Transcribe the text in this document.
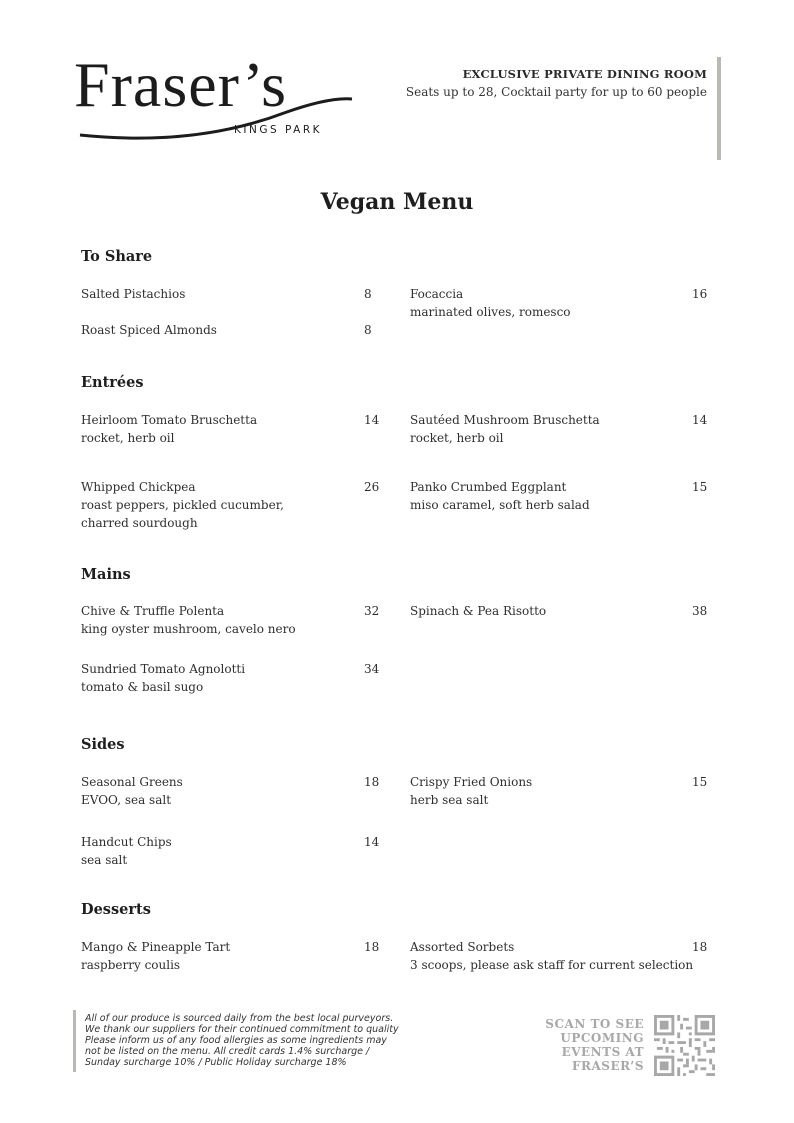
Fraser’s
KINGS PARK
EXCLUSIVE PRIVATE DINING ROOM
Seats up to 28, Cocktail party for up to 60 people
Vegan Menu
To Share
Salted Pistachios	8	Focaccia
marinated olives, romesco
16
Roast Spiced Almonds	8
Entrées
Heirloom Tomato Bruschetta
rocket, herb oil
14	Sautéed Mushroom Bruschetta
rocket, herb oil
14
Whipped Chickpea
roast peppers, pickled cucumber, charred sourdough
26	Panko Crumbed Eggplant
miso caramel, soft herb salad
15
Mains
Chive & Truffle Polenta
king oyster mushroom, cavelo nero
32	Spinach & Pea Risotto	38
Sundried Tomato Agnolotti
tomato & basil sugo
34
Sides
Seasonal Greens
EVOO, sea salt
18	Crispy Fried Onions
herb sea salt
15
Handcut Chips
sea salt
14
Desserts
Mango & Pineapple Tart
raspberry coulis
18	Assorted Sorbets
3 scoops, please ask staff for current selection
18
All of our produce is sourced daily from the best local purveyors.
We thank our suppliers for their continued commitment to quality
Please inform us of any food allergies as some ingredients may
not be listed on the menu. All credit cards 1.4% surcharge /
Sunday surcharge 10% / Public Holiday surcharge 18%
SCAN TO SEE
UPCOMING
EVENTS AT
FRASER’S
